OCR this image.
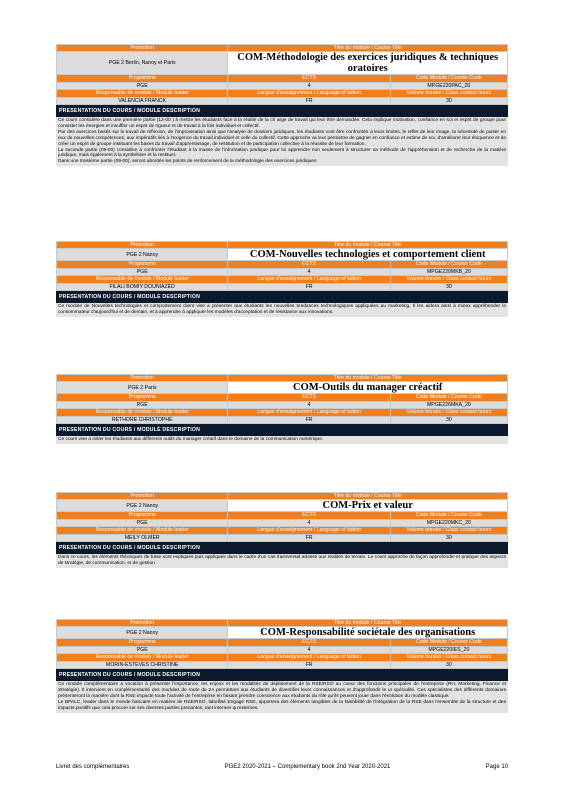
Promotion	Titre du module / Course Title	
PGE 2 Berlin, Nanoy et Paris	COM-Méthodologie des exercices juridiques & techniques oratoires	
Programme	ECTS	Code Module / Course Code
PGE	4	MPGE220PAC_20
Responsable de module / Module leader	Langue d'enseignement / Language of tuition	Volume horaire / Class contact hours
VALENCIA FRANCK	FR	30
PRESENTATION DU COURS / MODULE DESCRIPTION

Ce cours considère dans une première partie (12-00 ) à mettre les étudiants face à la réalité de la ch arge de travail qui leur être demandée. Cela implique motivation, confiance en soi et esprit de groupe pour consister les énergies et insuffler un esprit de rigueur et de travail à la fois individuel et collectif.

Par des exercices basés sur le travail de réflexion, de l'improvisation ainsi que l'analyse de dossiers juridiques, les étudiants vont être confrontés à leurs limites, le reflet de leur image, la nécessité de puiser en eux de nouvelles compétences, aux impératifs liés à l'exigence du travail individuel et celle du collectif. Cette approche va leur permettre de gagner en confiance et estime de soi, d'améliorer leur éloquence et de créer un esprit de groupe instituant les bases du travail d'apprentissage, de restitution et de participation collective à la réussite de leur formation.

La seconde partie (09-00) considère à confronter l'étudiant à la masse de l'information juridique pour lui apprendre non seulement à structurer sa méthode de l'appréhension et de recherche de la matière juridique, mais également à la synthétiser et la restituer.

Dans une troisième partie (09-00), seront abordés les points de renforcement de la méthodologie des exercices juridiques.

Promotion	Titre du module / Course Title	
PGE 2 Nanoy	COM-Nouvelles technologies et comportement client	
Programme	ECTS	Code Module / Course Code
PGE	4	MPGE220MKB_20
Responsable de module / Module leader	Langue d'enseignement / Language of tuition	Volume horaire / Class contact hours
FILALI BOMIY DOUNIAZED	FR	30
PRESENTATION DU COURS / MODULE DESCRIPTION

Ce module de Nouvelles technologies et comportement client vise à présenter aux étudiants les nouvelles tendances technologiques appliquées au marketing. Il les aidera ainsi à mieux appréhender le consommateur d'aujourd'hui et de demain, et à apprendre à appliquer les modèles d'acceptation et de résistance aux innovations.

Promotion	Titre du module / Course Title	
PGE 2 Paris	COM-Outils du manager créactif	
Programme	ECTS	Code Module / Course Code
PGE	4	MPGE226MKA_20
Responsable de module / Module leader	Langue d'enseignement / Language of tuition	Volume horaire / Class contact hours
RETHORE CHRISTOPHE	FR	30
PRESENTATION DU COURS / MODULE DESCRIPTION

Ce cours vise à initier les étudiants aux différents outils du manager créatif dans le domaine de la communication numérique.

Promotion	Titre du module / Course Title	
PGE 2 Nanoy	COM-Prix et valeur	
Programme	ECTS	Code Module / Course Code
PGE	4	MPGE220MKC_20
Responsable de module / Module leader	Langue d'enseignement / Language of tuition	Volume horaire / Class contact hours
MEILY OLMER	FR	30
PRESENTATION DU COURS / MODULE DESCRIPTION

Dans ce cours, les éléments théoriques de base sont expliqués puis appliqués dans le cadre d'un cas transversal adossé aux réalités de terrain. Le cours approche de façon approfondie et pratique des aspects de stratégie, de communication, et de gestion

Promotion	Titre du module / Course Title	
PGE 2 Nanoy	COM-Responsabilité sociétale des organisations	
Programme	ECTS	Code Module / Course Code
PGE	4	MPGE220IES_20
Responsable de module / Module leader	Langue d'enseignement / Language of tuition	Volume horaire / Class contact hours
MORIN-ESTEVES CHRISTINE	FR	30
PRESENTATION DU COURS / MODULE DESCRIPTION

Ce module complémentaire a vocation à présenter l'importance, les enjeux et les modalités de déploiement de la RSE/RSO au coeur des fonctions principales de l'entreprise (RH, Marketing, Finance et Stratégie). Il intervient en complémentarité des modules de route de 2A permettant aux étudiants de diversifier leurs connaissances et d'approfondir le ur spécialité. Ces spécialistes des différents domaines présenteront la manière dont la RSE impacte toute l'activité de l'entreprise en faisant prendre conscience aux étudiants du rôle qu'ils peuvent jouer dans l'évolution du modèle classique.

Le BPALC, leader dans le monde bancaire en matière de RSE/RSO, labellisé Engagé RSE, apportera des éléments tangibles de la faisabilité de l'intégration de la RSE dans l'ensemble de la structure et des impacts positifs que cela procure sur ses diverses parties prenantes, tant internes qu'externes.

Livret des complémentaires	PGE2 2020-2021 – Complementary book 2nd Year 2020-2021	Page 10
